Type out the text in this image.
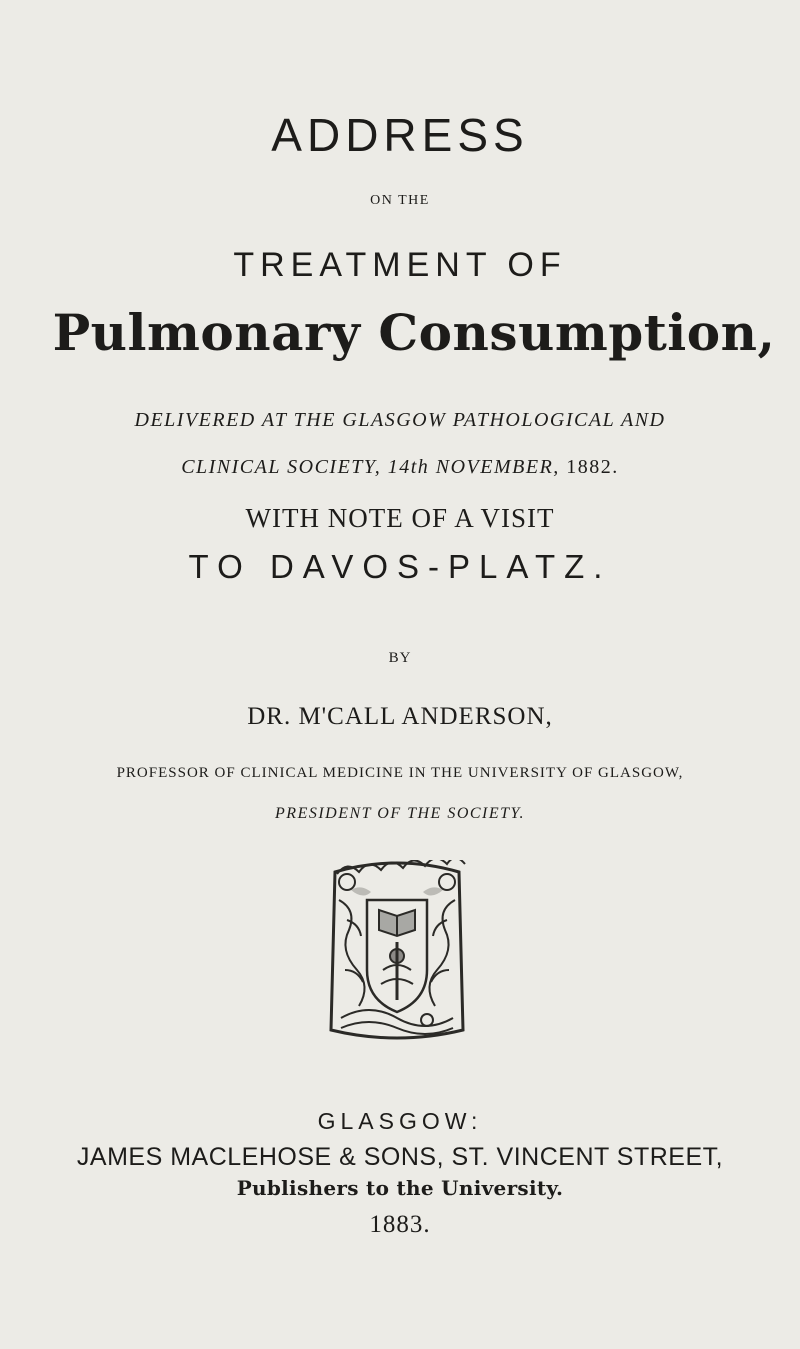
ADDRESS
ON THE
TREATMENT OF
Pulmonary Consumption,
DELIVERED AT THE GLASGOW PATHOLOGICAL AND
CLINICAL SOCIETY, 14th NOVEMBER, 1882.
WITH NOTE OF A VISIT
TO DAVOS-PLATZ.
BY
DR. M'CALL ANDERSON,
PROFESSOR OF CLINICAL MEDICINE IN THE UNIVERSITY OF GLASGOW,
PRESIDENT OF THE SOCIETY.
GLASGOW:
JAMES MACLEHOSE & SONS, ST. VINCENT STREET,
Publishers to the University.
1883.
